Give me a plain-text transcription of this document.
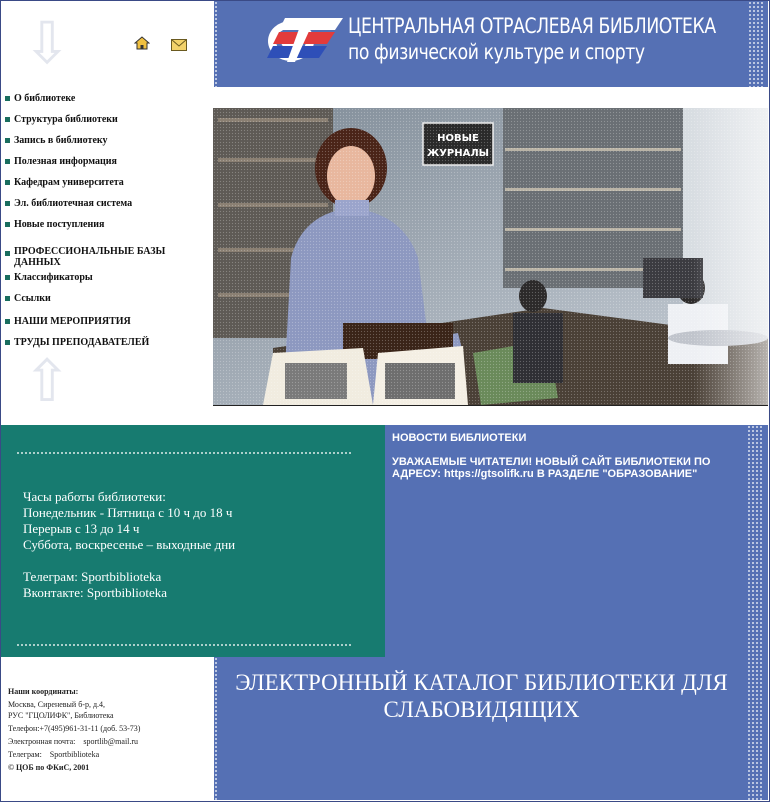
⇩	ЦЕНТРАЛЬНАЯ ОТРАСЛЕВАЯ БИБЛИОТЕКА
по физической культуре и спорту
О библиотеке
Структура библиотеки
Запись в библиотеку
Полезная информация
Кафедрам университета
Эл. библиотечная система
Новые поступления
ПРОФЕССИОНАЛЬНЫЕ БАЗЫ ДАННЫХ
Классификаторы
Ссылки
НАШИ МЕРОПРИЯТИЯ
ТРУДЫ ПРЕПОДАВАТЕЛЕЙ
⇧
Часы работы библиотеки:
Понедельник - Пятница с 10 ч до 18 ч
Перерыв с 13 до 14 ч
Суббота, воскресенье – выходные дни
Телеграм: Sportbiblioteka
Вконтакте: Sportbiblioteka
НОВОСТИ БИБЛИОТЕКИ
УВАЖАЕМЫЕ ЧИТАТЕЛИ! НОВЫЙ САЙТ БИБЛИОТЕКИ ПО АДРЕСУ: https://gtsolifk.ru В РАЗДЕЛЕ "ОБРАЗОВАНИЕ"
Наши координаты:
Москва, Сиреневый б-р, д.4,
РУС "ГЦОЛИФК", Библиотека
Телефон:+7(495)961-31-11 (доб. 53-73)
Электронная почта: sportlib@mail.ru
Телеграм: Sportbiblioteka
© ЦОБ по ФКиС, 2001
ЭЛЕКТРОННЫЙ КАТАЛОГ БИБЛИОТЕКИ ДЛЯ СЛАБОВИДЯЩИХ
